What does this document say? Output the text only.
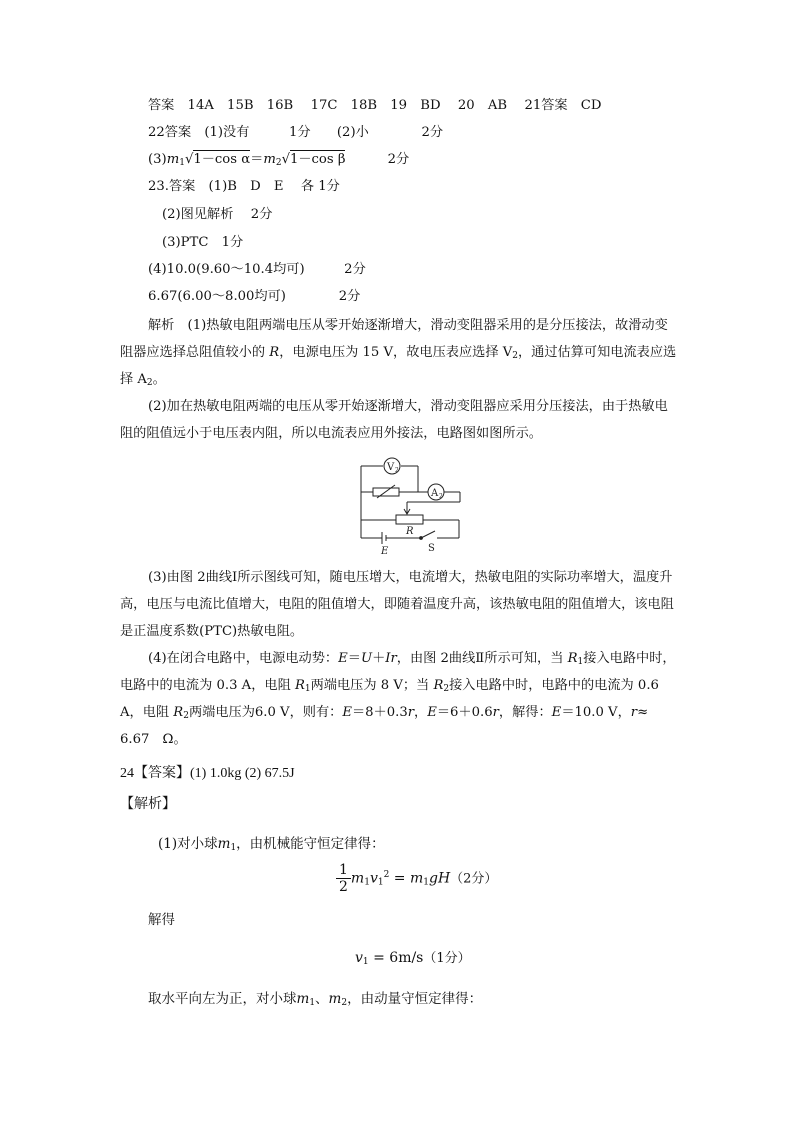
答案　14A　15B　16B　 17C　18B　19　BD　 20　AB　 21答案　CD
22答案　(1)没有　　　1分　　(2)小　　　　2分
$(3)m_1√1-\cos$ $\alpha=m_2√1-\cos$ β	2分
23.答案　(1)B　D　E　 各 1分
(2)图见解析　 2分
(3)PTC　1分
(4)10.0(9.60～10.4均可)　　　2分
6.67(6.00～8.00均可)　　　　2分
解析　(1)热敏电阻两端电压从零开始逐渐增大，滑动变阻器采用的是分压接法，故滑动变阻器应选择总阻值较小的 R，电源电压为 15 V，故电压表应选择 $V_2$，通过估算可知电流表应选择 $A_2$。
(2)加在热敏电阻两端的电压从零开始逐渐增大，滑动变阻器应采用分压接法，由于热敏电阻的阻值远小于电压表内阻，所以电流表应用外接法，电路图如图所示。
V 2
A 2
R
E	S
(3)由图 2曲线Ⅰ所示图线可知，随电压增大，电流增大，热敏电阻的实际功率增大，温度升高，电压与电流比值增大，电阻的阻值增大，即随着温度升高，该热敏电阻的阻值增大，该电阻是正温度系数(PTC)热敏电阻。
(4)在闭合电路中，电源电动势：E＝U＋Ir，由图 2曲线Ⅱ所示可知，当 $R_1$接入电路中时，电路中的电流为 0.3 A，电阻 $R_1$两端电压为 8 V；当 $R_2$接入电路中时，电路中的电流为 0.6 A，电阻 $R_2$两端电压为6.0 V，则有：E＝8＋0.3r，E＝6＋0.6r，解得：E＝10.0 V，r≈ 6.67　Ω。
24【答案】(1) 1.0kg (2) 67.5J
【解析】
(1)对小球$m_1$，由机械能守恒定律得：
$\frac{1}{2} m_1v_1^2 = m_1gH(2$分）
解得
$v_1 = 6m/s(1$分）
取水平向左为正，对小球$m_1$、$m_2$，由动量守恒定律得：
